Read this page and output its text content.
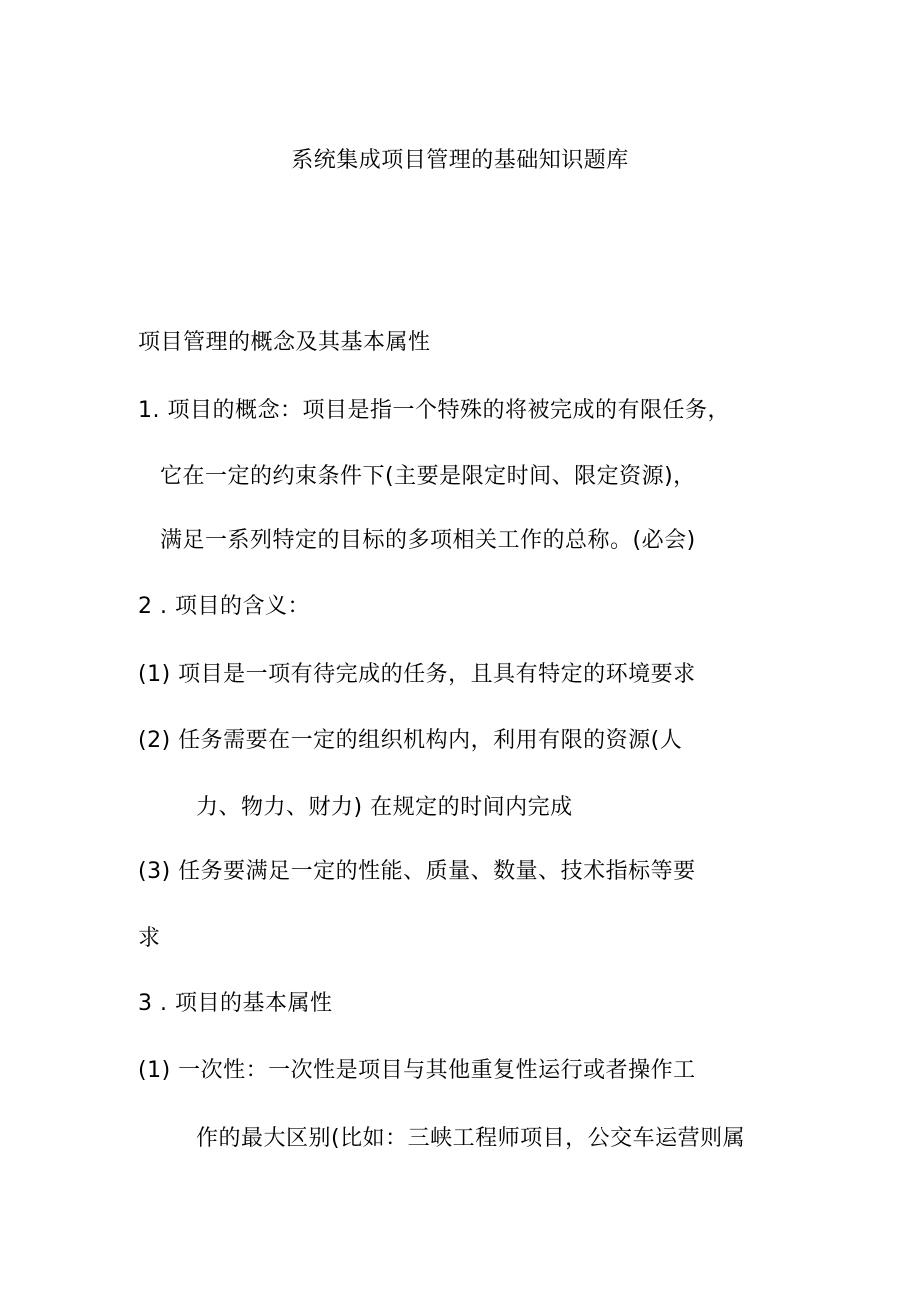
系统集成项目管理的基础知识题库
项目管理的概念及其基本属性
1. 项目的概念：项目是指一个特殊的将被完成的有限任务，
它在一定的约束条件下(主要是限定时间、限定资源)，
满足一系列特定的目标的多项相关工作的总称。(必会)
2 . 项目的含义：
(1) 项目是一项有待完成的任务，且具有特定的环境要求
(2) 任务需要在一定的组织机构内，利用有限的资源(人
力、物力、财力) 在规定的时间内完成
(3) 任务要满足一定的性能、质量、数量、技术指标等要
求
3 . 项目的基本属性
(1) 一次性：一次性是项目与其他重复性运行或者操作工
作的最大区别(比如：三峡工程师项目，公交车运营则属
